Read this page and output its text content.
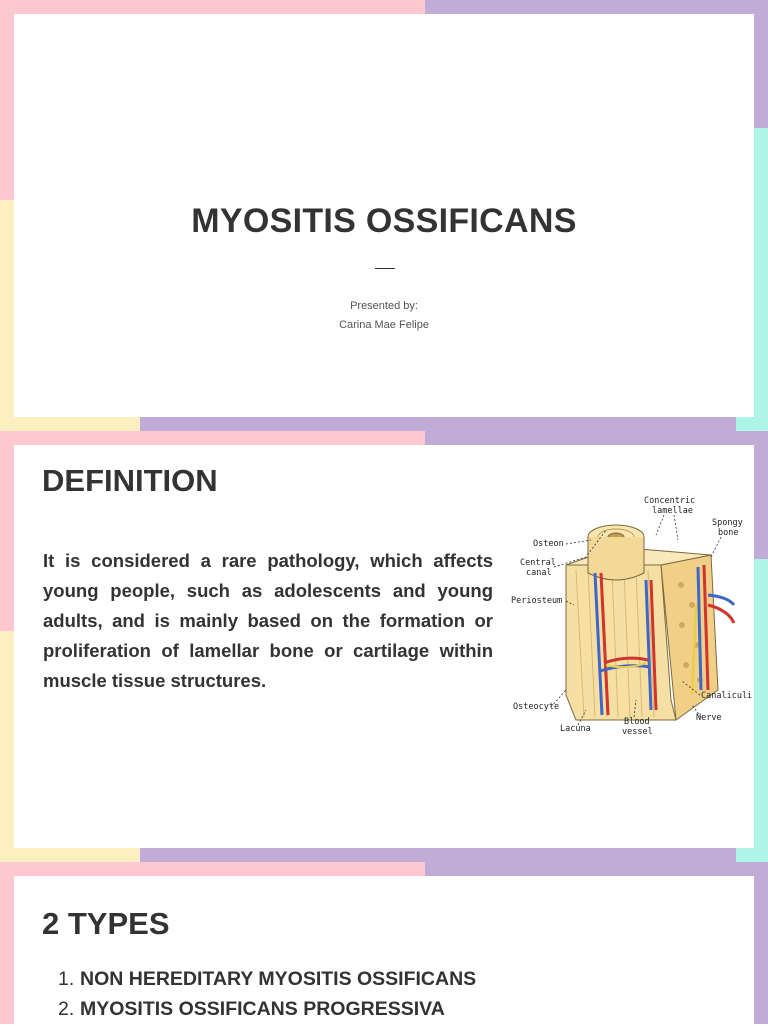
MYOSITIS OSSIFICANS
Presented by:
Carina Mae Felipe
DEFINITION
It is considered a rare pathology, which affects young people, such as adolescents and young adults, and is mainly based on the formation or proliferation of lamellar bone or cartilage within muscle tissue structures.
Concentric
lamellae
Spongy
bone
Osteon
Central
canal
Periosteum
Canaliculi
Osteocyte
Nerve
Blood
vessel
Lacuna
2 TYPES
1. NON HEREDITARY MYOSITIS OSSIFICANS
2. MYOSITIS OSSIFICANS PROGRESSIVA
